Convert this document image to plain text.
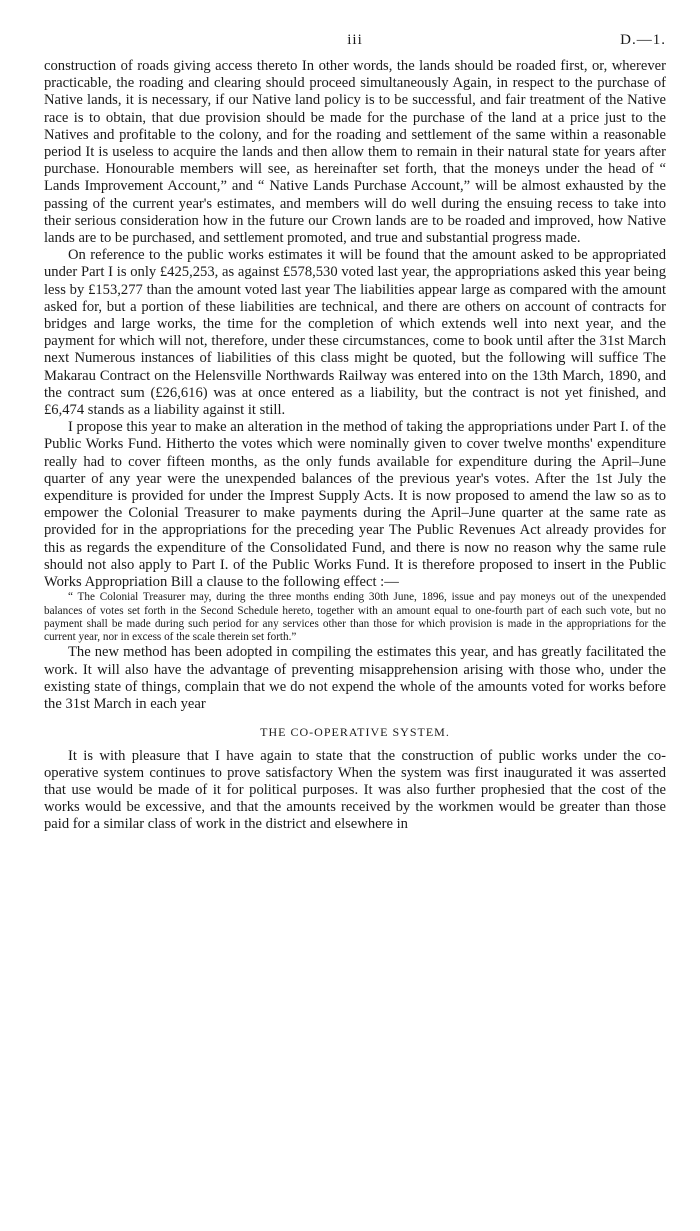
iii	D.—1.

construction of roads giving access thereto In other words, the lands should be roaded first, or, wherever practicable, the roading and clearing should proceed simultaneously Again, in respect to the purchase of Native lands, it is necessary, if our Native land policy is to be successful, and fair treatment of the Native race is to obtain, that due provision should be made for the purchase of the land at a price just to the Natives and profitable to the colony, and for the roading and settlement of the same within a reasonable period It is useless to acquire the lands and then allow them to remain in their natural state for years after purchase. Honourable members will see, as hereinafter set forth, that the moneys under the head of “ Lands Improvement Account,” and “ Native Lands Purchase Account,” will be almost exhausted by the passing of the current year's estimates, and members will do well during the ensuing recess to take into their serious consideration how in the future our Crown lands are to be roaded and improved, how Native lands are to be purchased, and settlement promoted, and true and substantial progress made.

On reference to the public works estimates it will be found that the amount asked to be appropriated under Part I is only £425,253, as against £578,530 voted last year, the appropriations asked this year being less by £153,277 than the amount voted last year The liabilities appear large as compared with the amount asked for, but a portion of these liabilities are technical, and there are others on account of contracts for bridges and large works, the time for the completion of which extends well into next year, and the payment for which will not, therefore, under these circumstances, come to book until after the 31st March next Numerous instances of liabilities of this class might be quoted, but the following will suffice The Makarau Contract on the Helensville Northwards Railway was entered into on the 13th March, 1890, and the contract sum (£26,616) was at once entered as a liability, but the contract is not yet finished, and £6,474 stands as a liability against it still.

I propose this year to make an alteration in the method of taking the appropriations under Part I. of the Public Works Fund. Hitherto the votes which were nominally given to cover twelve months' expenditure really had to cover fifteen months, as the only funds available for expenditure during the April–June quarter of any year were the unexpended balances of the previous year's votes. After the 1st July the expenditure is provided for under the Imprest Supply Acts. It is now proposed to amend the law so as to empower the Colonial Treasurer to make payments during the April–June quarter at the same rate as provided for in the appropriations for the preceding year The Public Revenues Act already provides for this as regards the expenditure of the Consolidated Fund, and there is now no reason why the same rule should not also apply to Part I. of the Public Works Fund. It is therefore proposed to insert in the Public Works Appropriation Bill a clause to the following effect :—

“ The Colonial Treasurer may, during the three months ending 30th June, 1896, issue and pay moneys out of the unexpended balances of votes set forth in the Second Schedule hereto, together with an amount equal to one-fourth part of each such vote, but no payment shall be made during such period for any services other than those for which provision is made in the appropriations for the current year, nor in excess of the scale therein set forth.”

The new method has been adopted in compiling the estimates this year, and has greatly facilitated the work. It will also have the advantage of preventing misapprehension arising with those who, under the existing state of things, complain that we do not expend the whole of the amounts voted for works before the 31st March in each year

THE CO-OPERATIVE SYSTEM.

It is with pleasure that I have again to state that the construction of public works under the co-operative system continues to prove satisfactory When the system was first inaugurated it was asserted that use would be made of it for political purposes. It was also further prophesied that the cost of the works would be excessive, and that the amounts received by the workmen would be greater than those paid for a similar class of work in the district and elsewhere in
